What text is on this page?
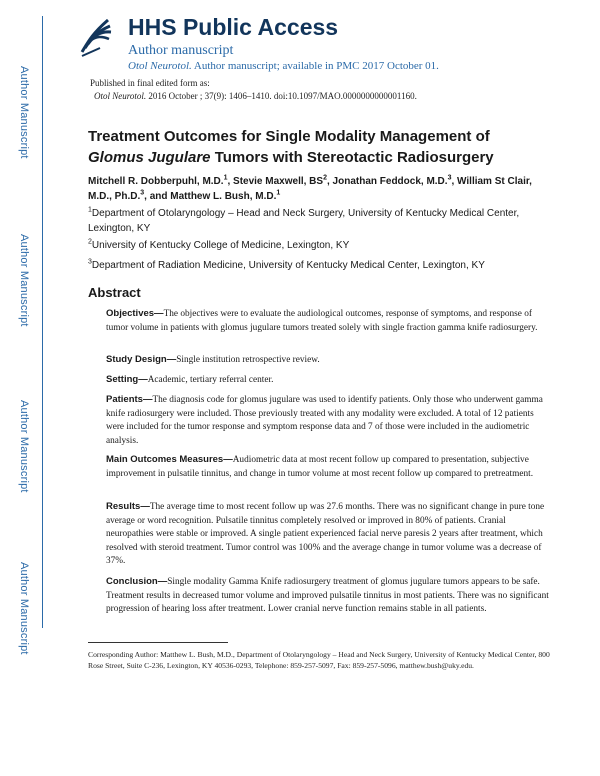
Author Manuscript
Author Manuscript
Author Manuscript
Author Manuscript
HHS Public Access
Author manuscript
Otol Neurotol. Author manuscript; available in PMC 2017 October 01.
Published in final edited form as:
Otol Neurotol. 2016 October ; 37(9): 1406–1410. doi:10.1097/MAO.0000000000001160.
Treatment Outcomes for Single Modality Management of Glomus Jugulare Tumors with Stereotactic Radiosurgery
Mitchell R. Dobberpuhl, M.D.$^1$, Stevie Maxwell, $BS^2$, Jonathan Feddock, M.D.$^3$, William St Clair, M.D., Ph.D.$^3$, and Matthew L. Bush, M.D.$^1$
$^1$Department of Otolaryngology – Head and Neck Surgery, University of Kentucky Medical Center, Lexington, KY
$^2$University of Kentucky College of Medicine, Lexington, KY
$^3$Department of Radiation Medicine, University of Kentucky Medical Center, Lexington, KY
Abstract
Objectives—The objectives were to evaluate the audiological outcomes, response of symptoms, and response of tumor volume in patients with glomus jugulare tumors treated solely with single fraction gamma knife radiosurgery.
Study Design—Single institution retrospective review.
Setting—Academic, tertiary referral center.
Patients—The diagnosis code for glomus jugulare was used to identify patients. Only those who underwent gamma knife radiosurgery were included. Those previously treated with any modality were excluded. A total of 12 patients were included for the tumor response and symptom response data and 7 of those were included in the audiometric analysis.
Main Outcomes Measures—Audiometric data at most recent follow up compared to presentation, subjective improvement in pulsatile tinnitus, and change in tumor volume at most recent follow up compared to pretreatment.
Results—The average time to most recent follow up was 27.6 months. There was no significant change in pure tone average or word recognition. Pulsatile tinnitus completely resolved or improved in 80% of patients. Cranial neuropathies were stable or improved. A single patient experienced facial nerve paresis 2 years after treatment, which resolved with steroid treatment. Tumor control was 100% and the average change in tumor volume was a decrease of 37%.
Conclusion—Single modality Gamma Knife radiosurgery treatment of glomus jugulare tumors appears to be safe. Treatment results in decreased tumor volume and improved pulsatile tinnitus in most patients. There was no significant progression of hearing loss after treatment. Lower cranial nerve function remains stable in all patients.
Corresponding Author: Matthew L. Bush, M.D., Department of Otolaryngology – Head and Neck Surgery, University of Kentucky Medical Center, 800 Rose Street, Suite C-236, Lexington, KY 40536-0293, Telephone: 859-257-5097, Fax: 859-257-5096, matthew.bush@uky.edu.
